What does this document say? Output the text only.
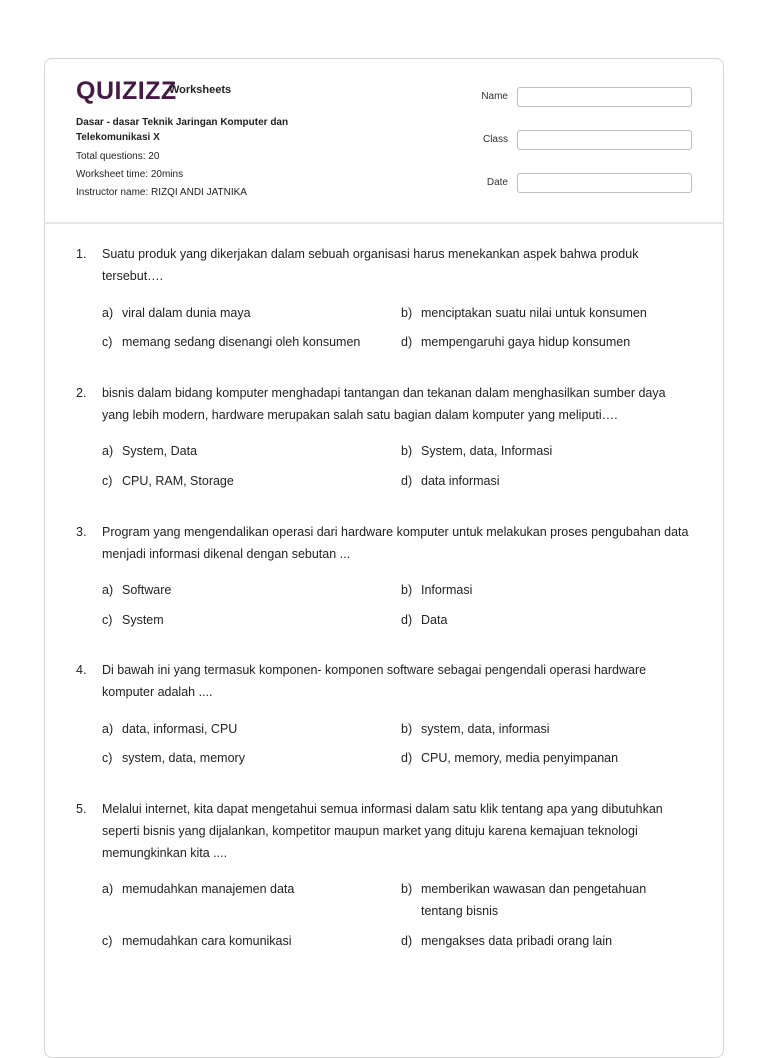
QUIZIZZ
Worksheets
Dasar - dasar Teknik Jaringan Komputer dan Telekomunikasi X
Total questions: 20
Worksheet time: 20mins
Instructor name: RIZQI ANDI JATNIKA
Name
Class
Date
1. Suatu produk yang dikerjakan dalam sebuah organisasi harus menekankan aspek bahwa produk tersebut….
a) viral dalam dunia maya	b) menciptakan suatu nilai untuk konsumen
c) memang sedang disenangi oleh konsumen	d) mempengaruhi gaya hidup konsumen
2. bisnis dalam bidang komputer menghadapi tantangan dan tekanan dalam menghasilkan sumber daya yang lebih modern, hardware merupakan salah satu bagian dalam komputer yang meliputi….
a) System, Data	b) System, data, Informasi
c) CPU, RAM, Storage	d) data informasi
3. Program yang mengendalikan operasi dari hardware komputer untuk melakukan proses pengubahan data menjadi informasi dikenal dengan sebutan ...
a) Software	b) Informasi
c) System	d) Data
4. Di bawah ini yang termasuk komponen- komponen software sebagai pengendali operasi hardware komputer adalah ....
a) data, informasi, CPU	b) system, data, informasi
c) system, data, memory	d) CPU, memory, media penyimpanan
5. Melalui internet, kita dapat mengetahui semua informasi dalam satu klik tentang apa yang dibutuhkan seperti bisnis yang dijalankan, kompetitor maupun market yang dituju karena kemajuan teknologi memungkinkan kita ....
a) memudahkan manajemen data	b) memberikan wawasan dan pengetahuan tentang bisnis
c) memudahkan cara komunikasi	d) mengakses data pribadi orang lain
